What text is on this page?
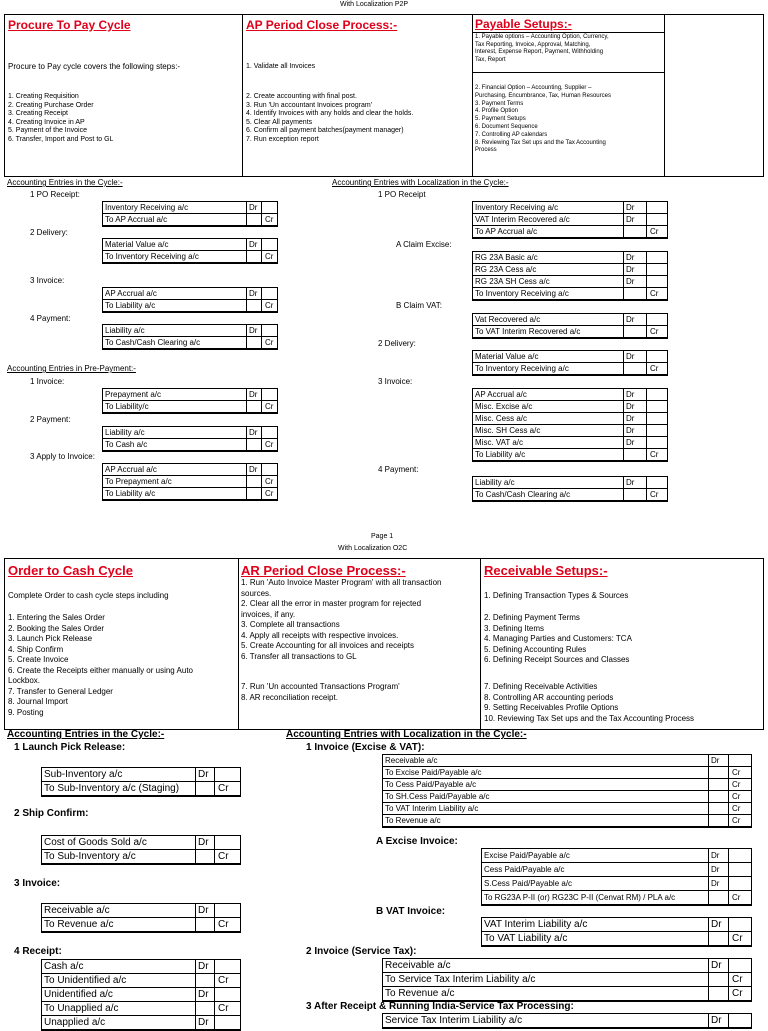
With Localization P2P
Procure To Pay Cycle
Procure to Pay cycle covers the following steps:-
1. Creating Requisition
2. Creating Purchase Order
3. Creating Receipt
4. Creating Invoice in AP
5. Payment of the Invoice
6. Transfer, Import and Post to GL
AP Period Close Process:-
1. Validate all Invoices
2. Create accounting with final post.
3. Run 'Un accountant Invoices program'
4. Identify Invoices with any holds and clear the holds.
5. Clear All payments
6. Confirm all payment batches(payment manager)
7. Run exception report
Payable Setups:-
1. Payable options – Accounting Option, Currency,
Tax Reporting, Invoice, Approval, Matching,
Interest, Expense Report, Payment, Withholding
Tax, Report
2. Financial Option – Accounting, Supplier –
Purchasing, Encumbrance, Tax, Human Resources
3. Payment Terms
4. Profile Option
5. Payment Setups
6. Document Sequence
7. Controlling AP calendars
8. Reviewing Tax Set ups and the Tax Accounting
Process
Accounting Entries in the Cycle:-
1 PO Receipt:
2 Delivery:
3 Invoice:
4 Payment:
Accounting Entries in Pre-Payment:-
1 Invoice:
2 Payment:
3 Apply to Invoice:
Accounting Entries with Localization in the Cycle:-
1 PO Receipt
A Claim Excise:
B Claim VAT:
2 Delivery:
3 Invoice:
4 Payment:
Page 1
With Localization O2C
Order to Cash Cycle
Complete Order to cash cycle steps including
1. Entering the Sales Order
2. Booking the Sales Order
3. Launch Pick Release
4. Ship Confirm
5. Create Invoice
6. Create the Receipts either manually or using Auto
Lockbox.
7. Transfer to General Ledger
8. Journal Import
9. Posting
AR Period Close Process:-
1. Run 'Auto Invoice Master Program' with all transaction
sources.
2. Clear all the error in master program for rejected
invoices, if any.
3. Complete all transactions
4. Apply all receipts with respective invoices.
5. Create Accounting for all invoices and receipts
6. Transfer all transactions to GL
7. Run 'Un accounted Transactions Program'
8. AR reconciliation receipt.
Receivable Setups:-
1. Defining Transaction Types & Sources
2. Defining Payment Terms
3. Defining Items
4. Managing Parties and Customers: TCA
5. Defining Accounting Rules
6. Defining Receipt Sources and Classes
7. Defining Receivable Activities
8. Controlling AR accounting periods
9. Setting Receivables Profile Options
10. Reviewing Tax Set ups and the Tax Accounting Process
Accounting Entries in the Cycle:-
1 Launch Pick Release:
2 Ship Confirm:
3 Invoice:
4 Receipt:
Accounting Entries with Localization in the Cycle:-
1 Invoice (Excise & VAT):
A Excise Invoice:
B VAT Invoice:
2 Invoice (Service Tax):
3 After Receipt & Running India-Service Tax Processing:
Inventory Receiving a/c	Dr
To AP Accrual a/c	Cr
Material Value a/c	Dr
To Inventory Receiving a/c	Cr
AP Accrual a/c	Dr
To Liability a/c	Cr
Liability a/c	Dr
To Cash/Cash Clearing a/c	Cr
Prepayment a/c	Dr
To Liability/c	Cr
Liability a/c	Dr
To Cash a/c	Cr
AP Accrual a/c	Dr
To Prepayment a/c	Cr
To Liability a/c	Cr
Inventory Receiving a/c	Dr
VAT Interim Recovered a/c	Dr
To AP Accrual a/c	Cr
RG 23A Basic a/c	Dr
RG 23A Cess a/c	Dr
RG 23A SH Cess a/c	Dr
To Inventory Receiving a/c	Cr
Vat Recovered a/c	Dr
To VAT Interim Recovered a/c	Cr
Material Value a/c	Dr
To Inventory Receiving a/c	Cr
AP Accrual a/c	Dr
Misc. Excise a/c	Dr
Misc. Cess a/c	Dr
Misc. SH Cess a/c	Dr
Misc. VAT a/c	Dr
To Liability a/c	Cr
Liability a/c	Dr
To Cash/Cash Clearing a/c	Cr
Sub-Inventory a/c	Dr
To Sub-Inventory a/c (Staging)	Cr
Cost of Goods Sold a/c	Dr
To Sub-Inventory a/c	Cr
Receivable a/c	Dr
To Revenue a/c	Cr
Cash a/c	Dr
To Unidentified a/c	Cr
Unidentified a/c	Dr
To Unapplied a/c	Cr
Unapplied a/c	Dr
Receivable a/c	Dr
To Excise Paid/Payable a/c	Cr
To Cess Paid/Payable a/c	Cr
To SH.Cess Paid/Payable a/c	Cr
To VAT Interim Liability a/c	Cr
To Revenue a/c	Cr
Excise Paid/Payable a/c	Dr
Cess Paid/Payable a/c	Dr
S.Cess Paid/Payable a/c	Dr
To RG23A P-II (or) RG23C P-II (Cenvat RM) / PLA a/c	Cr
VAT Interim Liability a/c	Dr
To VAT Liability a/c	Cr
Receivable a/c	Dr
To Service Tax Interim Liability a/c	Cr
To Revenue a/c	Cr
Service Tax Interim Liability a/c	Dr
